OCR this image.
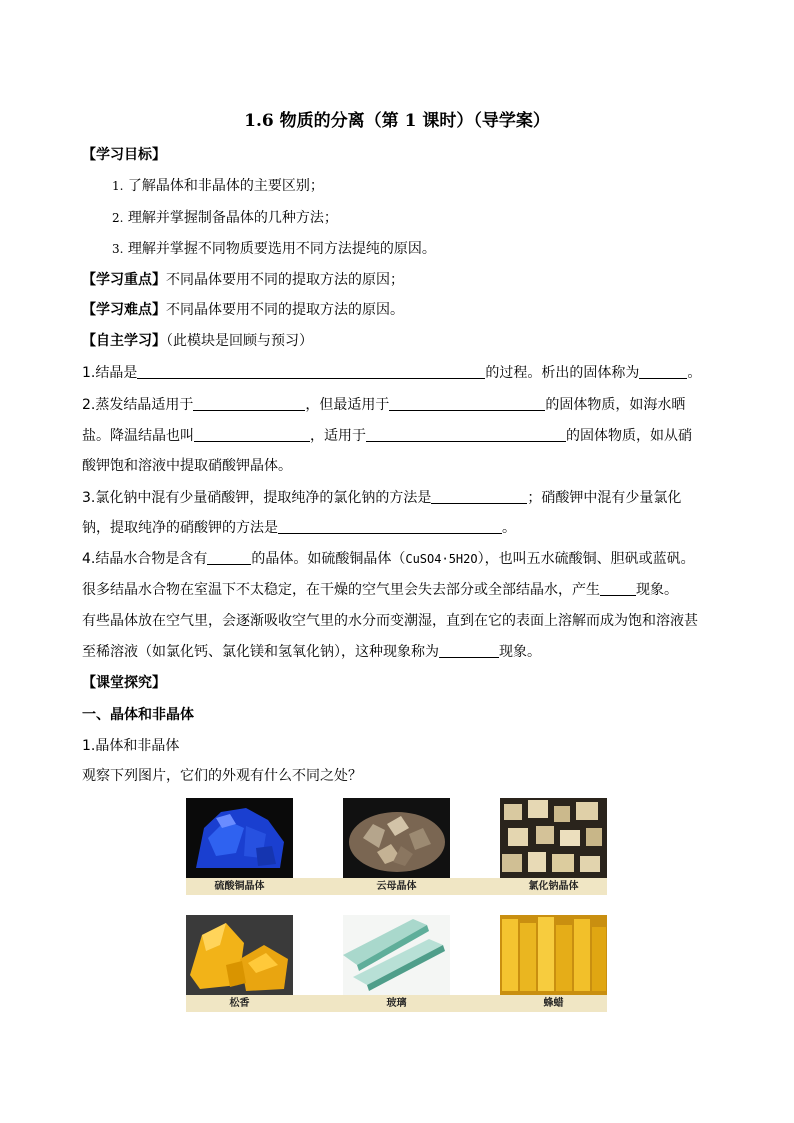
1.6 物质的分离（第 1 课时）（导学案）
【学习目标】
1. 了解晶体和非晶体的主要区别；
2. 理解并掌握制备晶体的几种方法；
3. 理解并掌握不同物质要选用不同方法提纯的原因。
【学习重点】不同晶体要用不同的提取方法的原因；
【学习难点】不同晶体要用不同的提取方法的原因。
【自主学习】（此模块是回顾与预习）
1.结晶是	的过程。析出的固体称为	。
2.蒸发结晶适用于	，但最适用于	的固体物质，如海水晒
盐。降温结晶也叫	，适用于	的固体物质，如从硝
酸钾饱和溶液中提取硝酸钾晶体。
3.氯化钠中混有少量硝酸钾，提取纯净的氯化钠的方法是	；硝酸钾中混有少量氯化
钠，提取纯净的硝酸钾的方法是	。
4.结晶水合物是含有	的晶体。如硫酸铜晶体（CuSO4·5H2O），也叫五水硫酸铜、胆矾或蓝矾。
很多结晶水合物在室温下不太稳定，在干燥的空气里会失去部分或全部结晶水，产生	现象。
有些晶体放在空气里，会逐渐吸收空气里的水分而变潮湿，直到在它的表面上溶解而成为饱和溶液甚
至稀溶液（如氯化钙、氯化镁和氢氧化钠），这种现象称为	现象。
【课堂探究】
一、晶体和非晶体
1.晶体和非晶体
观察下列图片，它们的外观有什么不同之处？
硫酸铜晶体	云母晶体	氯化钠晶体
松香	玻璃	蜂蜡
